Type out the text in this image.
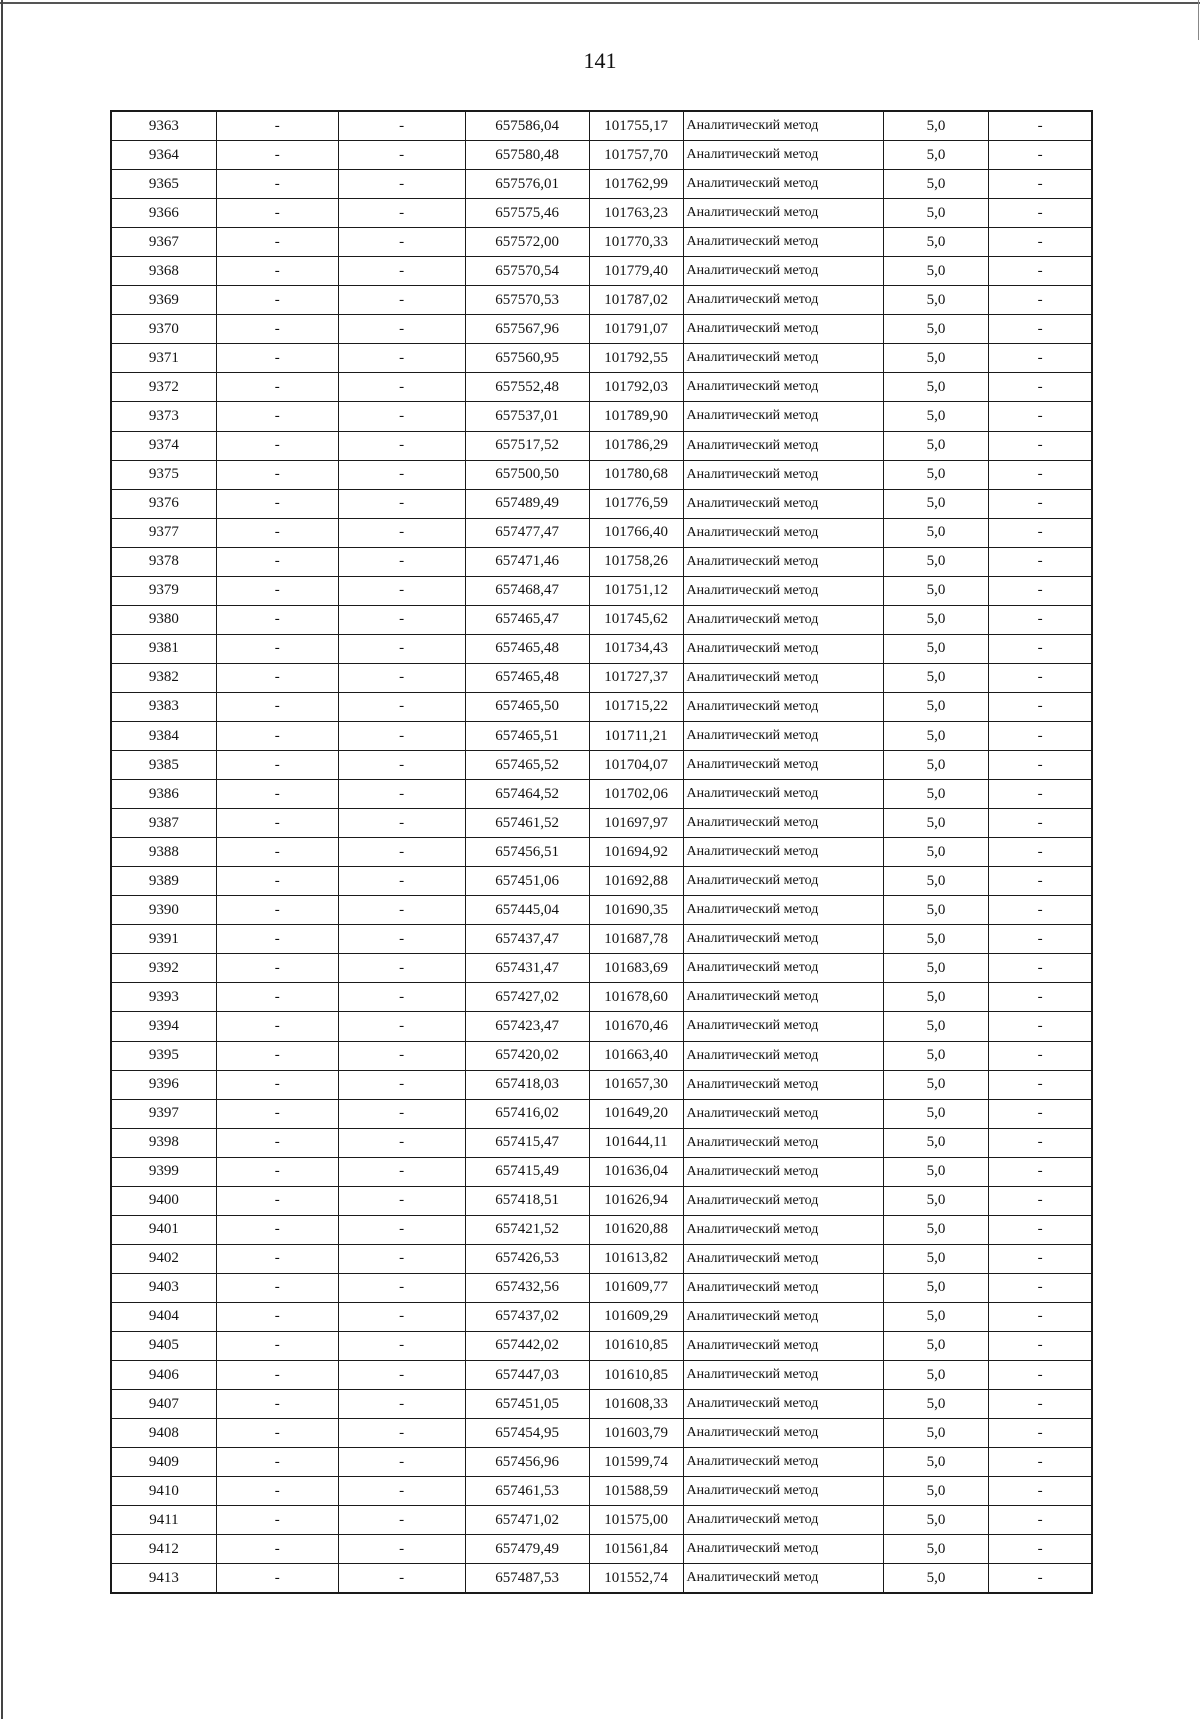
141
9363	-	-	657586,04	101755,17	Аналитический метод	5,0	-
9364	-	-	657580,48	101757,70	Аналитический метод	5,0	-
9365	-	-	657576,01	101762,99	Аналитический метод	5,0	-
9366	-	-	657575,46	101763,23	Аналитический метод	5,0	-
9367	-	-	657572,00	101770,33	Аналитический метод	5,0	-
9368	-	-	657570,54	101779,40	Аналитический метод	5,0	-
9369	-	-	657570,53	101787,02	Аналитический метод	5,0	-
9370	-	-	657567,96	101791,07	Аналитический метод	5,0	-
9371	-	-	657560,95	101792,55	Аналитический метод	5,0	-
9372	-	-	657552,48	101792,03	Аналитический метод	5,0	-
9373	-	-	657537,01	101789,90	Аналитический метод	5,0	-
9374	-	-	657517,52	101786,29	Аналитический метод	5,0	-
9375	-	-	657500,50	101780,68	Аналитический метод	5,0	-
9376	-	-	657489,49	101776,59	Аналитический метод	5,0	-
9377	-	-	657477,47	101766,40	Аналитический метод	5,0	-
9378	-	-	657471,46	101758,26	Аналитический метод	5,0	-
9379	-	-	657468,47	101751,12	Аналитический метод	5,0	-
9380	-	-	657465,47	101745,62	Аналитический метод	5,0	-
9381	-	-	657465,48	101734,43	Аналитический метод	5,0	-
9382	-	-	657465,48	101727,37	Аналитический метод	5,0	-
9383	-	-	657465,50	101715,22	Аналитический метод	5,0	-
9384	-	-	657465,51	101711,21	Аналитический метод	5,0	-
9385	-	-	657465,52	101704,07	Аналитический метод	5,0	-
9386	-	-	657464,52	101702,06	Аналитический метод	5,0	-
9387	-	-	657461,52	101697,97	Аналитический метод	5,0	-
9388	-	-	657456,51	101694,92	Аналитический метод	5,0	-
9389	-	-	657451,06	101692,88	Аналитический метод	5,0	-
9390	-	-	657445,04	101690,35	Аналитический метод	5,0	-
9391	-	-	657437,47	101687,78	Аналитический метод	5,0	-
9392	-	-	657431,47	101683,69	Аналитический метод	5,0	-
9393	-	-	657427,02	101678,60	Аналитический метод	5,0	-
9394	-	-	657423,47	101670,46	Аналитический метод	5,0	-
9395	-	-	657420,02	101663,40	Аналитический метод	5,0	-
9396	-	-	657418,03	101657,30	Аналитический метод	5,0	-
9397	-	-	657416,02	101649,20	Аналитический метод	5,0	-
9398	-	-	657415,47	101644,11	Аналитический метод	5,0	-
9399	-	-	657415,49	101636,04	Аналитический метод	5,0	-
9400	-	-	657418,51	101626,94	Аналитический метод	5,0	-
9401	-	-	657421,52	101620,88	Аналитический метод	5,0	-
9402	-	-	657426,53	101613,82	Аналитический метод	5,0	-
9403	-	-	657432,56	101609,77	Аналитический метод	5,0	-
9404	-	-	657437,02	101609,29	Аналитический метод	5,0	-
9405	-	-	657442,02	101610,85	Аналитический метод	5,0	-
9406	-	-	657447,03	101610,85	Аналитический метод	5,0	-
9407	-	-	657451,05	101608,33	Аналитический метод	5,0	-
9408	-	-	657454,95	101603,79	Аналитический метод	5,0	-
9409	-	-	657456,96	101599,74	Аналитический метод	5,0	-
9410	-	-	657461,53	101588,59	Аналитический метод	5,0	-
9411	-	-	657471,02	101575,00	Аналитический метод	5,0	-
9412	-	-	657479,49	101561,84	Аналитический метод	5,0	-
9413	-	-	657487,53	101552,74	Аналитический метод	5,0	-
